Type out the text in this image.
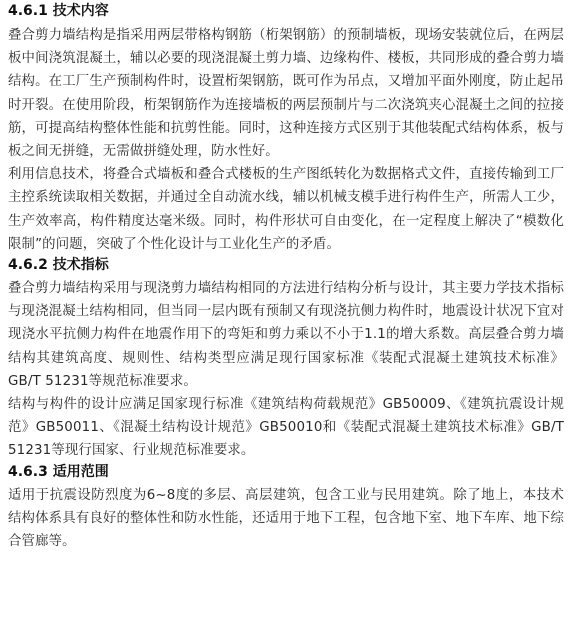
4.6.1 技术内容

叠合剪力墙结构是指采用两层带格构钢筋（桁架钢筋）的预制墙板，现场安装就位后，在两层板中间浇筑混凝土，辅以必要的现浇混凝土剪力墙、边缘构件、楼板，共同形成的叠合剪力墙结构。在工厂生产预制构件时，设置桁架钢筋，既可作为吊点，又增加平面外刚度，防止起吊时开裂。在使用阶段，桁架钢筋作为连接墙板的两层预制片与二次浇筑夹心混凝土之间的拉接筋，可提高结构整体性能和抗剪性能。同时，这种连接方式区别于其他装配式结构体系，板与板之间无拼缝，无需做拼缝处理，防水性好。

利用信息技术，将叠合式墙板和叠合式楼板的生产图纸转化为数据格式文件，直接传输到工厂主控系统读取相关数据，并通过全自动流水线，辅以机械支模手进行构件生产，所需人工少，生产效率高，构件精度达毫米级。同时，构件形状可自由变化，在一定程度上解决了“模数化限制”的问题，突破了个性化设计与工业化生产的矛盾。

4.6.2 技术指标

叠合剪力墙结构采用与现浇剪力墙结构相同的方法进行结构分析与设计，其主要力学技术指标与现浇混凝土结构相同，但当同一层内既有预制又有现浇抗侧力构件时，地震设计状况下宜对现浇水平抗侧力构件在地震作用下的弯矩和剪力乘以不小于1.1的增大系数。高层叠合剪力墙结构其建筑高度、规则性、结构类型应满足现行国家标准《装配式混凝土建筑技术标准》GB/T 51231等规范标准要求。

结构与构件的设计应满足国家现行标准《建筑结构荷载规范》GB50009、《建筑抗震设计规范》GB50011、《混凝土结构设计规范》GB50010和《装配式混凝土建筑技术标准》GB/T 51231等现行国家、行业规范标准要求。

4.6.3 适用范围

适用于抗震设防烈度为6~8度的多层、高层建筑，包含工业与民用建筑。除了地上，本技术结构体系具有良好的整体性和防水性能，还适用于地下工程，包含地下室、地下车库、地下综合管廊等。
